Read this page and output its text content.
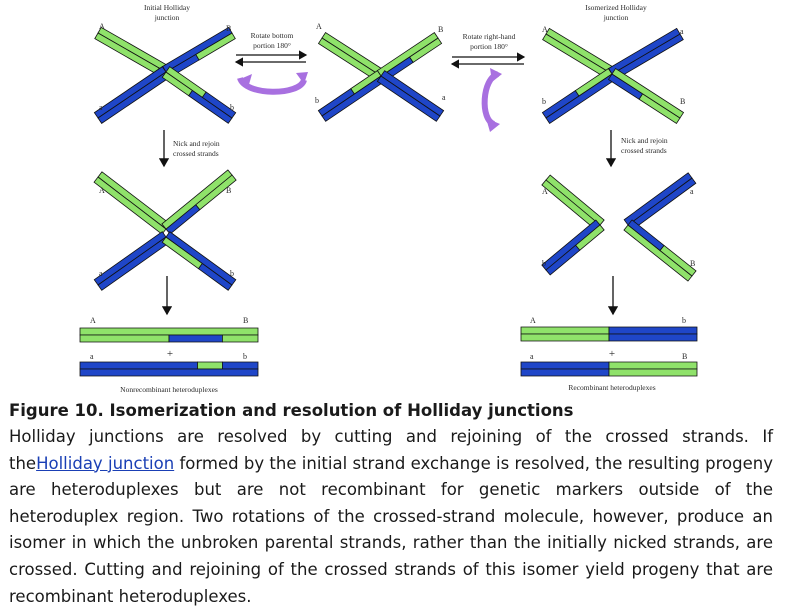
Initial Holliday
junction
A	B
a	b
Rotate bottom
portion 180°
A	B
b	a
Rotate right-hand
portion 180°
Isomerized Holliday
junction
A	a
b	B
Nick and rejoin
crossed strands
Nick and rejoin
crossed strands
A	B
a	b
A	a
b	B
A	B
+
a	b
Nonrecombinant heteroduplexes
A	b
+
a	B
Recombinant heteroduplexes
Figure 10. Isomerization and resolution of Holliday junctions
Holliday junctions are resolved by cutting and rejoining of the crossed strands. If theHolliday junction formed by the initial strand exchange is resolved, the resulting progeny are heteroduplexes but are not recombinant for genetic markers outside of the heteroduplex region. Two rotations of the crossed-strand molecule, however, produce an isomer in which the unbroken parental strands, rather than the initially nicked strands, are crossed. Cutting and rejoining of the crossed strands of this isomer yield progeny that are recombinant heteroduplexes.
